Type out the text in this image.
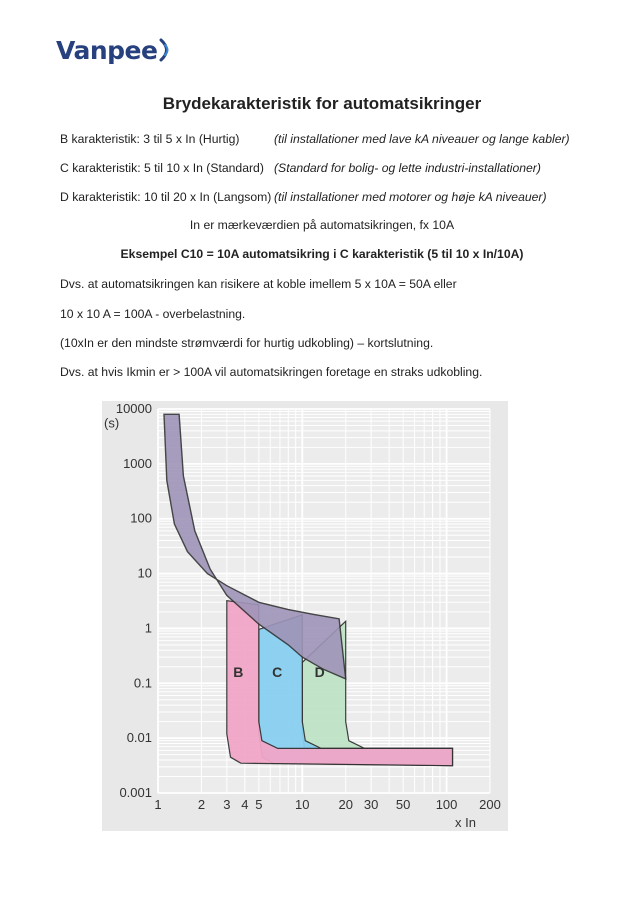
Vanpee
Brydekarakteristik for automatsikringer
B karakteristik: 3 til 5 x In (Hurtig)	(til installationer med lave kA niveauer og lange kabler)
C karakteristik: 5 til 10 x In (Standard) (Standard for bolig- og lette industri-installationer)
D karakteristik: 10 til 20 x In (Langsom) (til installationer med motorer og høje kA niveauer)
In er mærkeværdien på automatsikringen, fx 10A
Eksempel C10 = 10A automatsikring i C karakteristik (5 til 10 x In/10A)
Dvs. at automatsikringen kan risikere at koble imellem 5 x 10A = 50A eller
10 x 10 A = 100A - overbelastning.
(10xIn er den mindste strømværdi for hurtig udkobling) – kortslutning.
Dvs. at hvis Ikmin er > 100A vil automatsikringen foretage en straks udkobling.
B C D
0.001
0.01
0.1
1
10
100
1000
10000
1	2 3 4 5	10 20 30 50 100 200
(s)
x In
